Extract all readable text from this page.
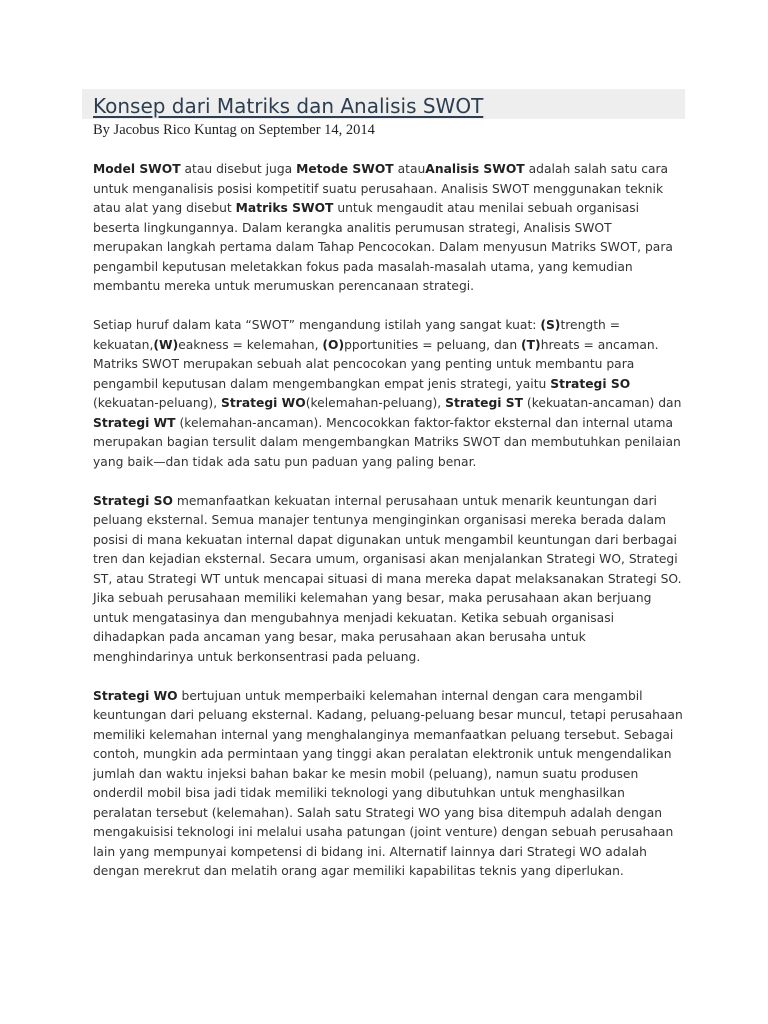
Konsep dari Matriks dan Analisis SWOT
By Jacobus Rico Kuntag on September 14, 2014

Model SWOT atau disebut juga Metode SWOT atauAnalisis SWOT adalah salah satu cara untuk menganalisis posisi kompetitif suatu perusahaan. Analisis SWOT menggunakan teknik atau alat yang disebut Matriks SWOT untuk mengaudit atau menilai sebuah organisasi beserta lingkungannya. Dalam kerangka analitis perumusan strategi, Analisis SWOT merupakan langkah pertama dalam Tahap Pencocokan. Dalam menyusun Matriks SWOT, para pengambil keputusan meletakkan fokus pada masalah-masalah utama, yang kemudian membantu mereka untuk merumuskan perencanaan strategi.

Setiap huruf dalam kata “SWOT” mengandung istilah yang sangat kuat: (S)trength = kekuatan,(W)eakness = kelemahan, (O)pportunities = peluang, dan (T)hreats = ancaman. Matriks SWOT merupakan sebuah alat pencocokan yang penting untuk membantu para pengambil keputusan dalam mengembangkan empat jenis strategi, yaitu Strategi SO (kekuatan-peluang), Strategi WO(kelemahan-peluang), Strategi ST (kekuatan-ancaman) dan Strategi WT (kelemahan-ancaman). Mencocokkan faktor-faktor eksternal dan internal utama merupakan bagian tersulit dalam mengembangkan Matriks SWOT dan membutuhkan penilaian yang baik—dan tidak ada satu pun paduan yang paling benar.

Strategi SO memanfaatkan kekuatan internal perusahaan untuk menarik keuntungan dari peluang eksternal. Semua manajer tentunya menginginkan organisasi mereka berada dalam posisi di mana kekuatan internal dapat digunakan untuk mengambil keuntungan dari berbagai tren dan kejadian eksternal. Secara umum, organisasi akan menjalankan Strategi WO, Strategi ST, atau Strategi WT untuk mencapai situasi di mana mereka dapat melaksanakan Strategi SO. Jika sebuah perusahaan memiliki kelemahan yang besar, maka perusahaan akan berjuang untuk mengatasinya dan mengubahnya menjadi kekuatan. Ketika sebuah organisasi dihadapkan pada ancaman yang besar, maka perusahaan akan berusaha untuk menghindarinya untuk berkonsentrasi pada peluang.

Strategi WO bertujuan untuk memperbaiki kelemahan internal dengan cara mengambil keuntungan dari peluang eksternal. Kadang, peluang-peluang besar muncul, tetapi perusahaan memiliki kelemahan internal yang menghalanginya memanfaatkan peluang tersebut. Sebagai contoh, mungkin ada permintaan yang tinggi akan peralatan elektronik untuk mengendalikan jumlah dan waktu injeksi bahan bakar ke mesin mobil (peluang), namun suatu produsen onderdil mobil bisa jadi tidak memiliki teknologi yang dibutuhkan untuk menghasilkan peralatan tersebut (kelemahan). Salah satu Strategi WO yang bisa ditempuh adalah dengan mengakuisisi teknologi ini melalui usaha patungan (joint venture) dengan sebuah perusahaan lain yang mempunyai kompetensi di bidang ini. Alternatif lainnya dari Strategi WO adalah dengan merekrut dan melatih orang agar memiliki kapabilitas teknis yang diperlukan.
